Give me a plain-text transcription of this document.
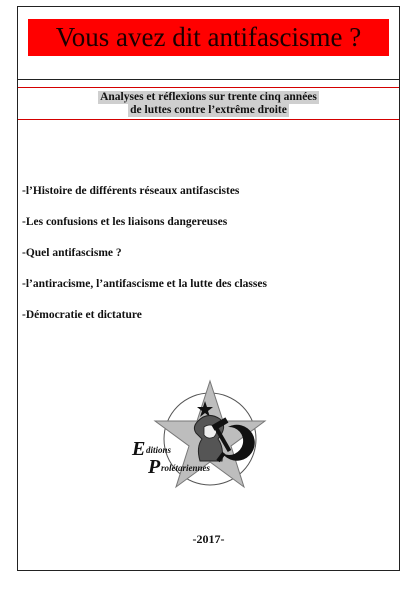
Vous avez dit antifascisme ?
Analyses et réflexions sur trente cinq années
de luttes contre l’extrême droite
-l’Histoire de différents réseaux antifascistes
-Les confusions et les liaisons dangereuses
-Quel antifascisme ?
-l’antiracisme, l’antifascisme et la lutte des classes
-Démocratie et dictature
E ditions
P rolétariennes
-2017-
